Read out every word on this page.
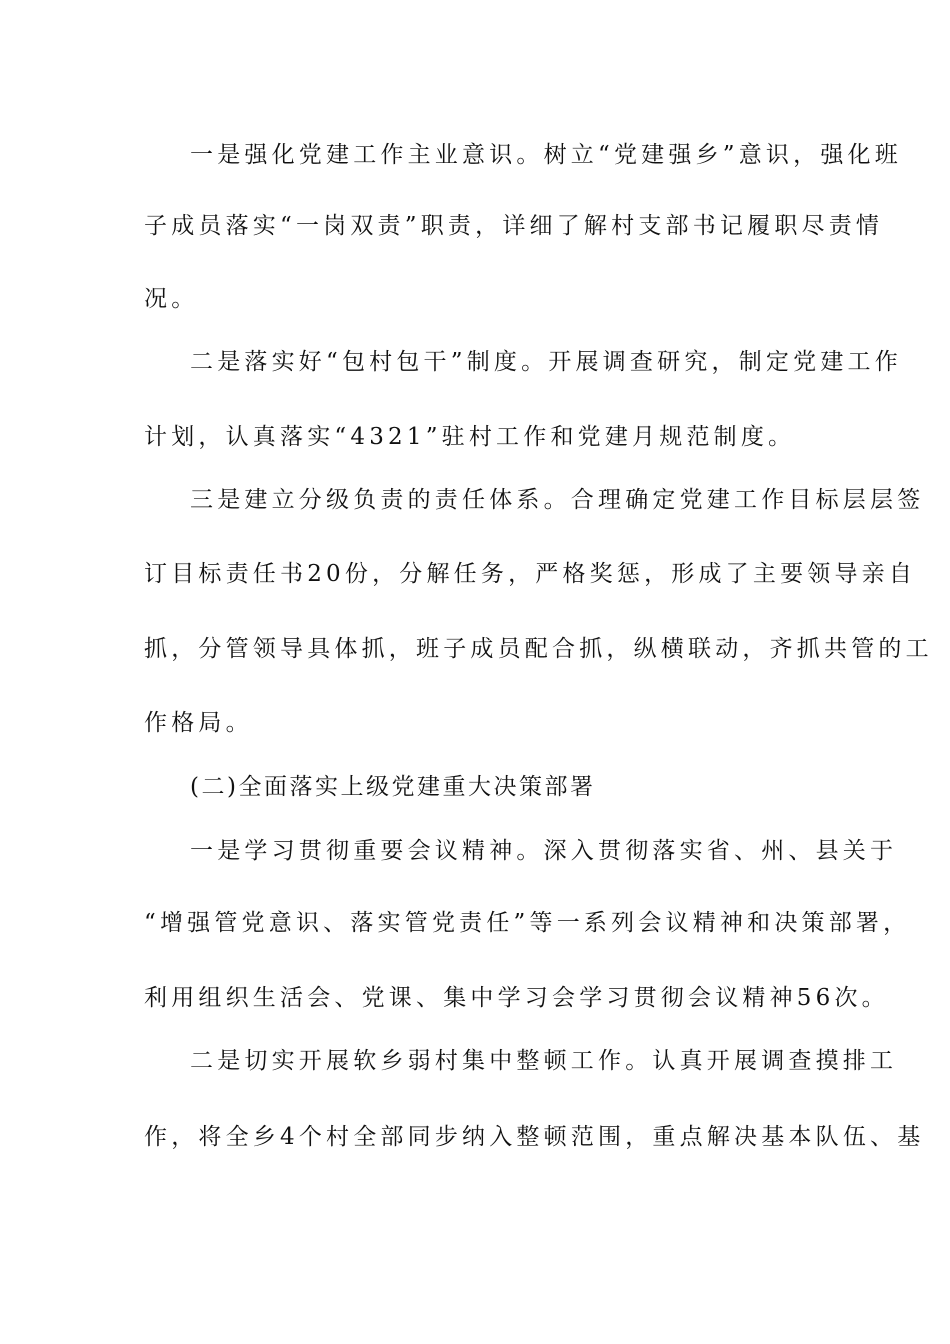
一是强化党建工作主业意识。树立“党建强乡”意识，强化班
子成员落实“一岗双责”职责，详细了解村支部书记履职尽责情
况。
二是落实好“包村包干”制度。开展调查研究，制定党建工作
计划，认真落实“4321”驻村工作和党建月规范制度。
三是建立分级负责的责任体系。合理确定党建工作目标层层签
订目标责任书20份，分解任务，严格奖惩，形成了主要领导亲自
抓，分管领导具体抓，班子成员配合抓，纵横联动，齐抓共管的工
作格局。
(二)全面落实上级党建重大决策部署
一是学习贯彻重要会议精神。深入贯彻落实省、州、县关于
“增强管党意识、落实管党责任”等一系列会议精神和决策部署，
利用组织生活会、党课、集中学习会学习贯彻会议精神56次。
二是切实开展软乡弱村集中整顿工作。认真开展调查摸排工
作，将全乡4个村全部同步纳入整顿范围，重点解决基本队伍、基
